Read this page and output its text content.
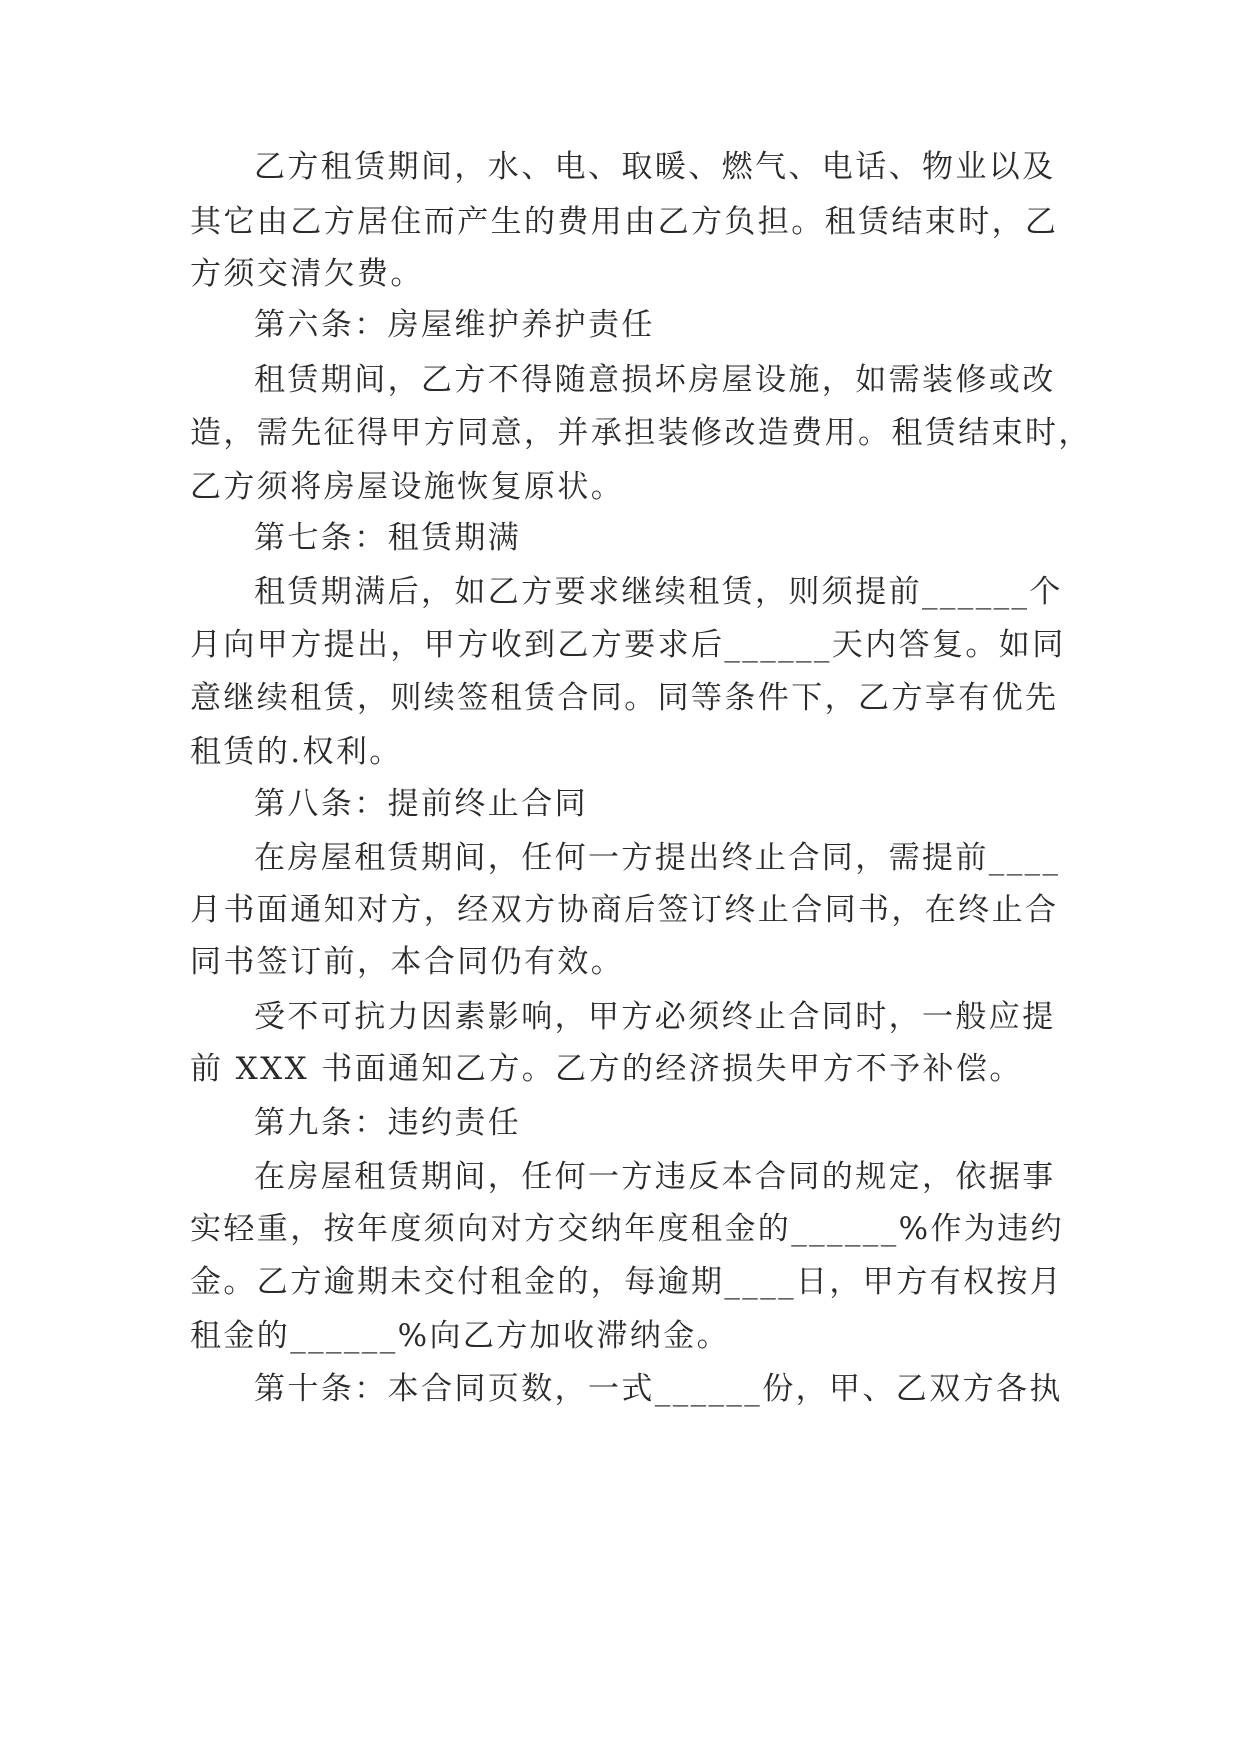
乙方租赁期间，水、电、取暖、燃气、电话、物业以及
其它由乙方居住而产生的费用由乙方负担。租赁结束时，乙
方须交清欠费。
第六条：房屋维护养护责任
租赁期间，乙方不得随意损坏房屋设施，如需装修或改
造，需先征得甲方同意，并承担装修改造费用。租赁结束时，
乙方须将房屋设施恢复原状。
第七条：租赁期满
租赁期满后，如乙方要求继续租赁，则须提前______个
月向甲方提出，甲方收到乙方要求后______天内答复。如同
意继续租赁，则续签租赁合同。同等条件下，乙方享有优先
租赁的.权利。
第八条：提前终止合同
在房屋租赁期间，任何一方提出终止合同，需提前____
月书面通知对方，经双方协商后签订终止合同书，在终止合
同书签订前，本合同仍有效。
受不可抗力因素影响，甲方必须终止合同时，一般应提
前 XXX 书面通知乙方。乙方的经济损失甲方不予补偿。
第九条：违约责任
在房屋租赁期间，任何一方违反本合同的规定，依据事
实轻重，按年度须向对方交纳年度租金的______%作为违约
金。乙方逾期未交付租金的，每逾期____日，甲方有权按月
租金的______%向乙方加收滞纳金。
第十条：本合同页数，一式______份，甲、乙双方各执
